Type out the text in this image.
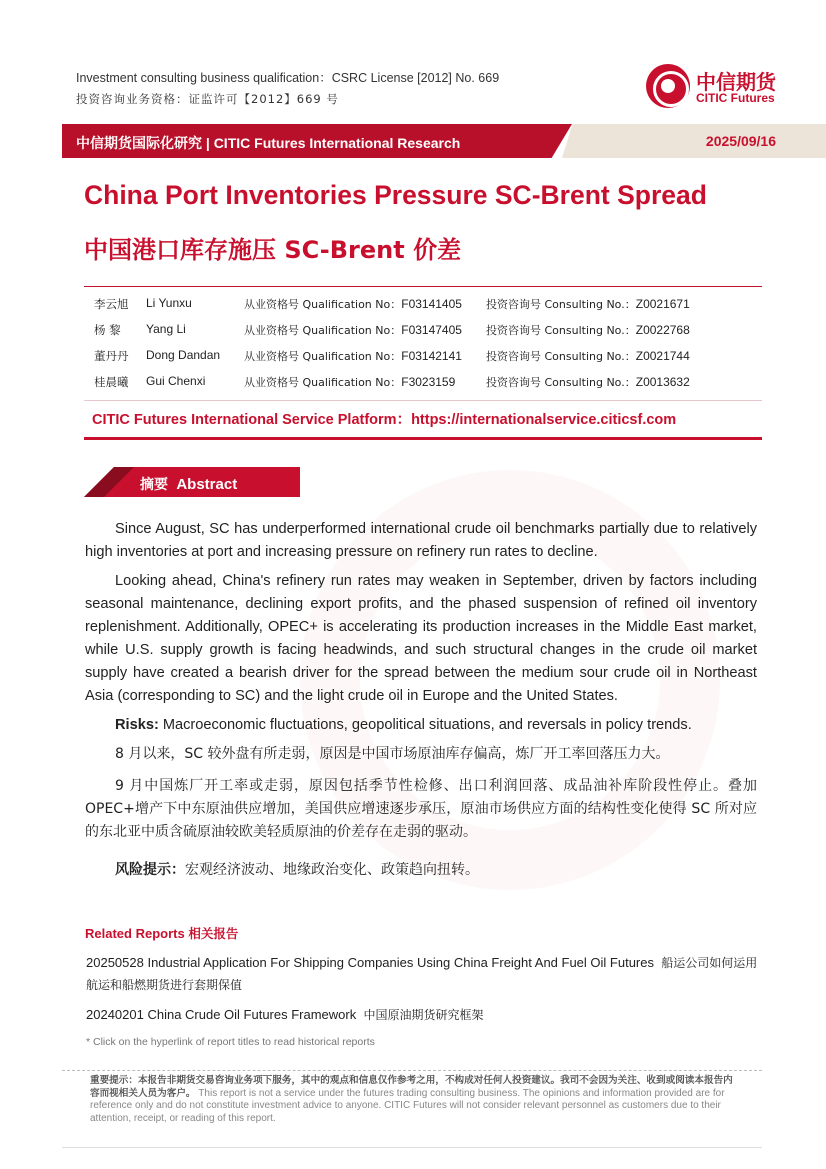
Investment consulting business qualification：CSRC License [2012] No. 669
投资咨询业务资格：证监许可【2012】669 号
中信期货
CITIC Futures
中信期货国际化研究 | CITIC Futures International Research	2025/09/16
China Port Inventories Pressure SC-Brent Spread
中国港口库存施压 SC-Brent 价差
李云旭 Li Yunxu	从业资格号 Qualification No：F03141405 投资咨询号 Consulting No.：Z0021671
杨 黎 Yang Li	从业资格号 Qualification No：F03147405 投资咨询号 Consulting No.：Z0022768
董丹丹 Dong Dandan 从业资格号 Qualification No：F03142141 投资咨询号 Consulting No.：Z0021744
桂晨曦 Gui Chenxi	从业资格号 Qualification No：F3023159	投资咨询号 Consulting No.：Z0013632
CITIC Futures International Service Platform：https://internationalservice.citicsf.com
摘要 Abstract
Since August, SC has underperformed international crude oil benchmarks partially due to relatively high inventories at port and increasing pressure on refinery run rates to decline.
Looking ahead, China's refinery run rates may weaken in September, driven by factors including seasonal maintenance, declining export profits, and the phased suspension of refined oil inventory replenishment. Additionally, OPEC+ is accelerating its production increases in the Middle East market, while U.S. supply growth is facing headwinds, and such structural changes in the crude oil market supply have created a bearish driver for the spread between the medium sour crude oil in Northeast Asia (corresponding to SC) and the light crude oil in Europe and the United States.
Risks: Macroeconomic fluctuations, geopolitical situations, and reversals in policy trends.
8 月以来，SC 较外盘有所走弱，原因是中国市场原油库存偏高，炼厂开工率回落压力大。
9 月中国炼厂开工率或走弱，原因包括季节性检修、出口利润回落、成品油补库阶段性停止。叠加 OPEC+增产下中东原油供应增加，美国供应增速逐步承压，原油市场供应方面的结构性变化使得 SC 所对应的东北亚中质含硫原油较欧美轻质原油的价差存在走弱的驱动。
风险提示：宏观经济波动、地缘政治变化、政策趋向扭转。
Related Reports 相关报告
20250528 Industrial Application For Shipping Companies Using China Freight And Fuel Oil Futures 船运公司如何运用航运和船燃期货进行套期保值
20240201 China Crude Oil Futures Framework 中国原油期货研究框架
* Click on the hyperlink of report titles to read historical reports
重要提示：本报告非期货交易咨询业务项下服务，其中的观点和信息仅作参考之用，不构成对任何人投资建议。我司不会因为关注、收到或阅读本报告内容而视相关人员为客户。 This report is not a service under the futures trading consulting business. The opinions and information provided are for reference only and do not constitute investment advice to anyone. CITIC Futures will not consider relevant personnel as customers due to their attention, receipt, or reading of this report.
